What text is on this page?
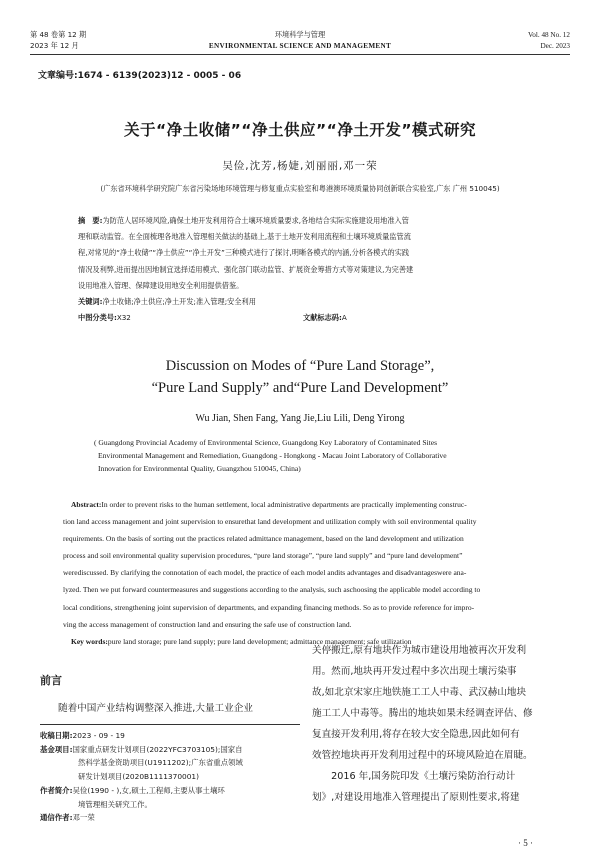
第 48 卷第 12 期
2023 年 12 月
环境科学与管理
ENVIRONMENTAL SCIENCE AND MANAGEMENT
Vol. 48 No. 12
Dec. 2023
文章编号:1674 - 6139(2023)12 - 0005 - 06
关于“净土收储”“净土供应”“净土开发”模式研究
吴俭,沈芳,杨婕,刘丽丽,邓一荣
(广东省环境科学研究院广东省污染场地环境管理与修复重点实验室和粤港澳环境质量协同创新联合实验室,广东 广州 510045)
摘　要:为防范人居环境风险,确保土地开发利用符合土壤环境质量要求,各地结合实际实施建设用地准入管
理和联动监管。在全面梳理各地准入管理相关做法的基础上,基于土地开发利用流程和土壤环境质量监管流
程,对常见的“净土收储”“净土供应”“净土开发”三种模式进行了探讨,明晰各模式的内涵,分析各模式的实践
情况及利弊,进而提出因地制宜选择适用模式、强化部门联动监管、扩展资金筹措方式等对策建议,为完善建
设用地准入管理、保障建设用地安全利用提供借鉴。
关键词:净土收储;净土供应;净土开发;准入管理;安全利用
中图分类号:X32	文献标志码:A
Discussion on Modes of “Pure Land Storage”,
“Pure Land Supply” and“Pure Land Development”
Wu Jian, Shen Fang, Yang Jie,Liu Lili, Deng Yirong
( Guangdong Provincial Academy of Environmental Science, Guangdong Key Laboratory of Contaminated Sites
Environmental Management and Remediation, Guangdong - Hongkong - Macau Joint Laboratory of Collaborative
Innovation for Environmental Quality, Guangzhou 510045, China)
Abstract:In order to prevent risks to the human settlement, local administrative departments are practically implementing construc-
tion land access management and joint supervision to ensurethat land development and utilization comply with soil environmental quality
requirements. On the basis of sorting out the practices related admittance management, based on the land development and utilization
process and soil environmental quality supervision procedures, “pure land storage”, “pure land supply” and “pure land development”
werediscussed. By clarifying the connotation of each model, the practice of each model andits advantages and disadvantageswere ana-
lyzed. Then we put forward countermeasures and suggestions according to the analysis, such aschoosing the applicable model according to
local conditions, strengthening joint supervision of departments, and expanding financing methods. So as to provide reference for impro-
ving the access management of construction land and ensuring the safe use of construction land.
Key words:pure land storage; pure land supply; pure land development; admittance management; safe utilization
前言
随着中国产业结构调整深入推进,大量工业企业
收稿日期:2023 - 09 - 19
基金项目:国家重点研发计划项目(2022YFC3703105);国家自
然科学基金资助项目(U1911202);广东省重点领域
研发计划项目(2020B1111370001)
作者简介:吴俭(1990 - ),女,硕士,工程师,主要从事土壤环
境管理相关研究工作。
通信作者:邓一荣
关停搬迁,原有地块作为城市建设用地被再次开发利
用。然而,地块再开发过程中多次出现土壤污染事
故,如北京宋家庄地铁施工工人中毒、武汉赫山地块
施工工人中毒等。腾出的地块如果未经调查评估、修
复直接开发利用,将存在较大安全隐患,因此如何有
效管控地块再开发利用过程中的环境风险迫在眉睫。
　　2016 年,国务院印发《土壤污染防治行动计
划》,对建设用地准入管理提出了原则性要求,将建
· 5 ·
